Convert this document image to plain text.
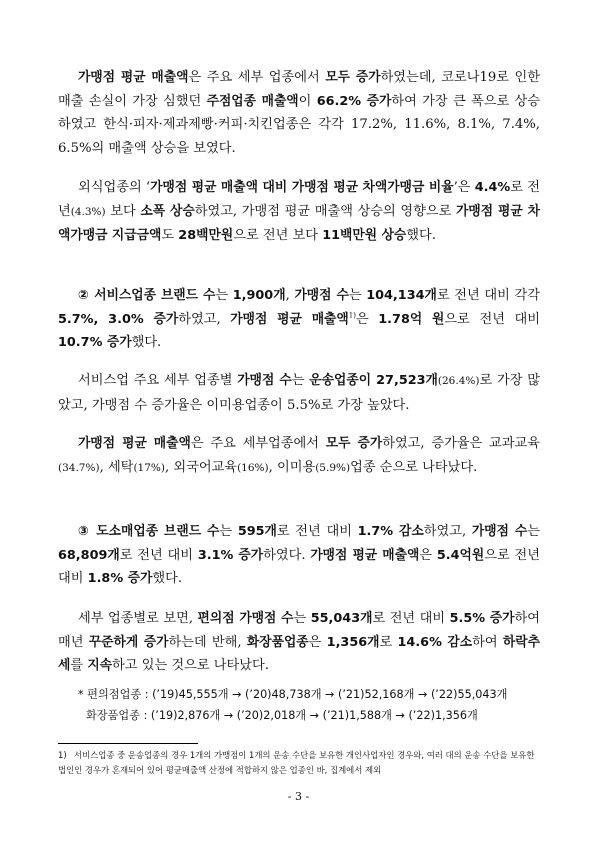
가맹점 평균 매출액은 주요 세부 업종에서 모두 증가하였는데, 코로나19로 인한 매출 손실이 가장 심했던 주점업종 매출액이 66.2% 증가하여 가장 큰 폭으로 상승하였고 한식·피자·제과제빵·커피·치킨업종은 각각 17.2%, 11.6%, 8.1%, 7.4%, 6.5%의 매출액 상승을 보였다.

외식업종의 ‘가맹점 평균 매출액 대비 가맹점 평균 차액가맹금 비율’은 4.4%로 전년(4.3%) 보다 소폭 상승하였고, 가맹점 평균 매출액 상승의 영향으로 가맹점 평균 차액가맹금 지급금액도 28백만원으로 전년 보다 11백만원 상승했다.

② 서비스업종 브랜드 수는 1,900개, 가맹점 수는 104,134개로 전년 대비 각각 5.7%, 3.0% 증가하였고, 가맹점 평균 매출액$^{1)}$은 1.78억 원으로 전년 대비 10.7% 증가했다.

서비스업 주요 세부 업종별 가맹점 수는 운송업종이 27,523개(26.4%)로 가장 많았고, 가맹점 수 증가율은 이미용업종이 5.5%로 가장 높았다.

가맹점 평균 매출액은 주요 세부업종에서 모두 증가하였고, 증가율은 교과교육(34.7%), 세탁(17%), 외국어교육(16%), 이미용(5.9%)업종 순으로 나타났다.

③ 도소매업종 브랜드 수는 595개로 전년 대비 1.7% 감소하였고, 가맹점 수는 68,809개로 전년 대비 3.1% 증가하였다. 가맹점 평균 매출액은 5.4억원으로 전년 대비 1.8% 증가했다.

세부 업종별로 보면, 편의점 가맹점 수는 55,043개로 전년 대비 5.5% 증가하여 매년 꾸준하게 증가하는데 반해, 화장품업종은 1,356개로 14.6% 감소하여 하락추세를 지속하고 있는 것으로 나타났다.

* 편의점업종 : (’19)45,555개 → (’20)48,738개 → (’21)52,168개 → (’22)55,043개
화장품업종 : (’19)2,876개 → (’20)2,018개 → (’21)1,588개 → (’22)1,356개
1) 서비스업종 중 운송업종의 경우 1개의 가맹점이 1개의 운송 수단을 보유한 개인사업자인 경우와, 여러 대의 운송 수단을 보유한 법인인 경우가 혼재되어 있어 평균매출액 산정에 적합하지 않은 업종인 바, 집계에서 제외
- 3 -
